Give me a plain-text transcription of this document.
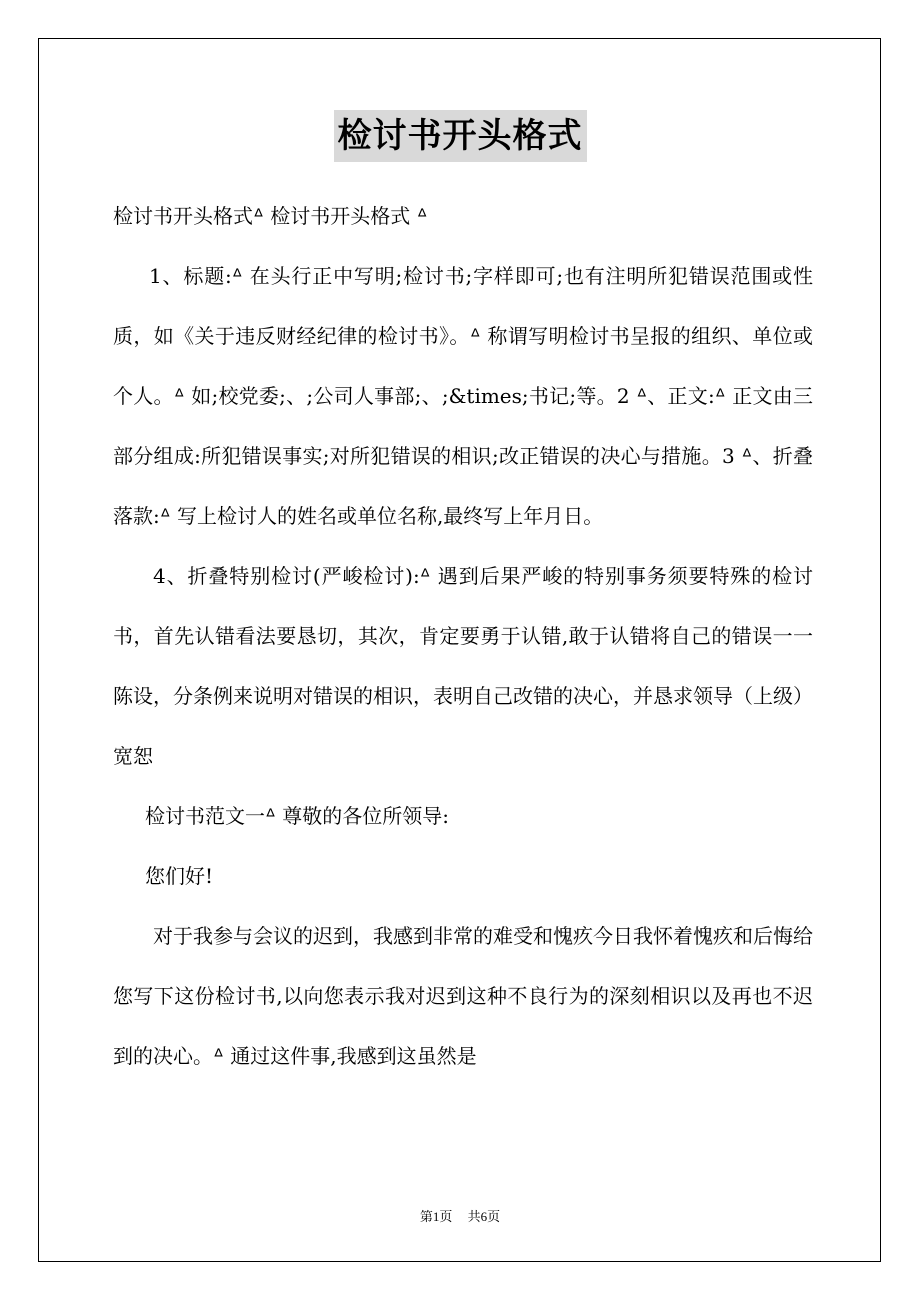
检讨书开头格式

检讨书开头格式ᐞ 检讨书开头格式 ᐞ

1、标题:ᐞ 在头行正中写明;检讨书;字样即可;也有注明所犯错误范围或性质，如《关于违反财经纪律的检讨书》。ᐞ 称谓写明检讨书呈报的组织、单位或个人。ᐞ 如;校党委;、;公司人事部;、;&times;书记;等。2 ᐞ、正文:ᐞ 正文由三部分组成:所犯错误事实;对所犯错误的相识;改正错误的决心与措施。3 ᐞ、折叠落款:ᐞ 写上检讨人的姓名或单位名称,最终写上年月日。

4、折叠特别检讨(严峻检讨):ᐞ 遇到后果严峻的特别事务须要特殊的检讨书，首先认错看法要恳切，其次，肯定要勇于认错,敢于认错将自己的错误一一陈设，分条例来说明对错误的相识，表明自己改错的决心，并恳求领导（上级）宽恕

检讨书范文一ᐞ 尊敬的各位所领导:

您们好!

对于我参与会议的迟到，我感到非常的难受和愧疚今日我怀着愧疚和后悔给您写下这份检讨书,以向您表示我对迟到这种不良行为的深刻相识以及再也不迟到的决心。ᐞ 通过这件事,我感到这虽然是

第1页 共6页
